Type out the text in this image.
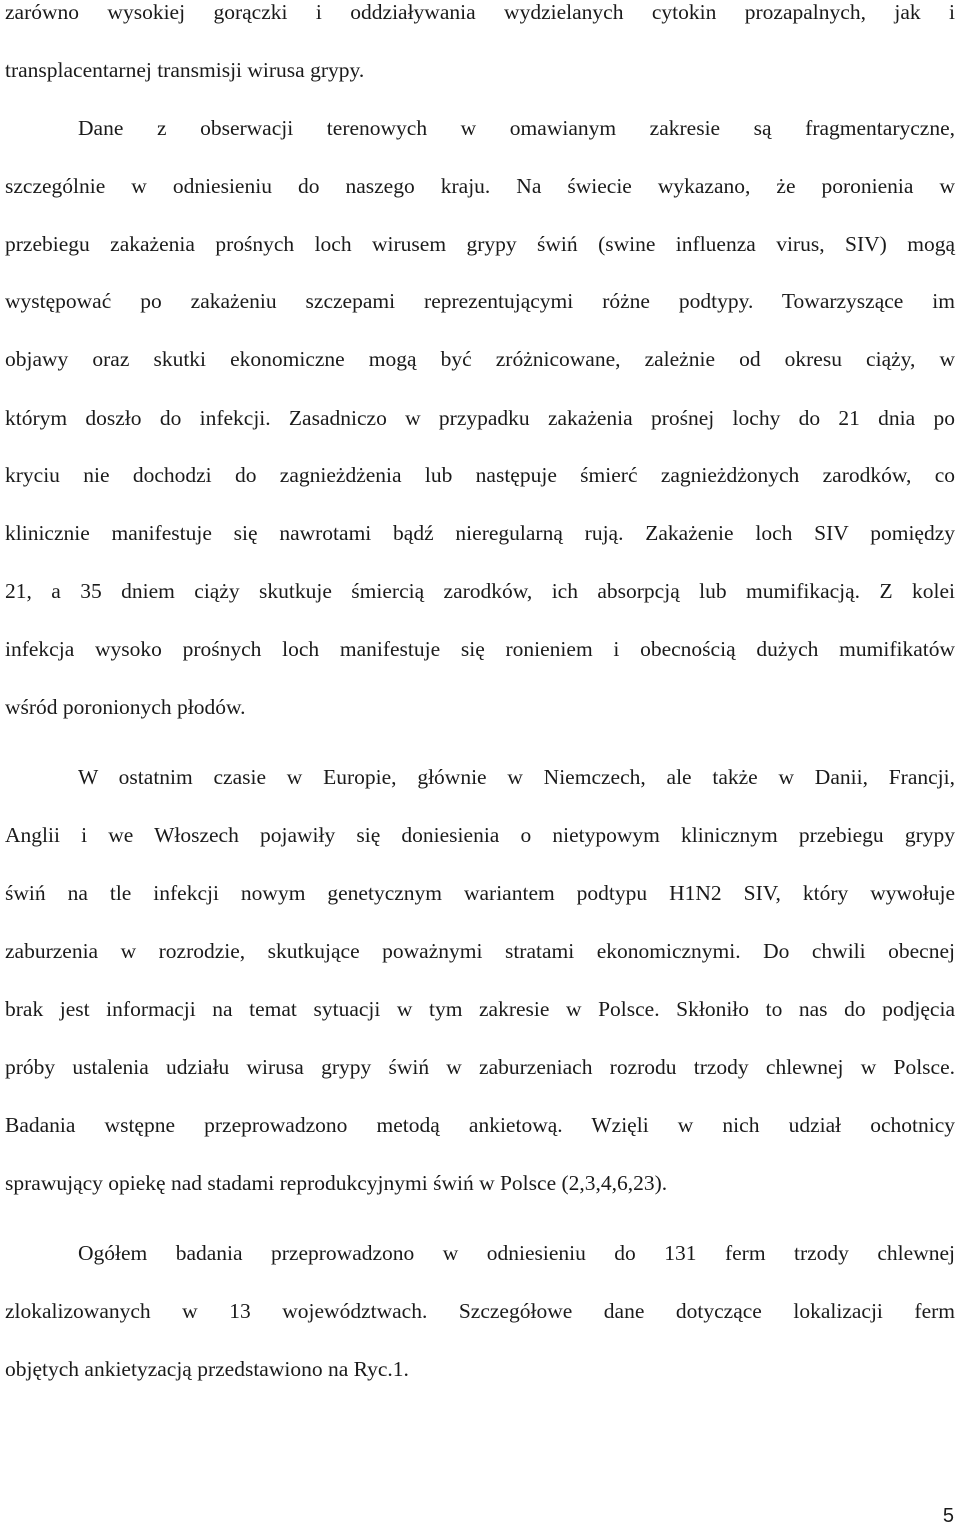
zarówno wysokiej gorączki i oddziaływania wydzielanych cytokin prozapalnych, jak i
transplacentarnej transmisji wirusa grypy.
Dane z obserwacji terenowych w omawianym zakresie są fragmentaryczne,
szczególnie w odniesieniu do naszego kraju. Na świecie wykazano, że poronienia w
przebiegu zakażenia prośnych loch wirusem grypy świń (swine influenza virus, SIV) mogą
występować po zakażeniu szczepami reprezentującymi różne podtypy. Towarzyszące im
objawy oraz skutki ekonomiczne mogą być zróżnicowane, zależnie od okresu ciąży, w
którym doszło do infekcji. Zasadniczo w przypadku zakażenia prośnej lochy do 21 dnia po
kryciu nie dochodzi do zagnieżdżenia lub następuje śmierć zagnieżdżonych zarodków, co
klinicznie manifestuje się nawrotami bądź nieregularną rują. Zakażenie loch SIV pomiędzy
21, a 35 dniem ciąży skutkuje śmiercią zarodków, ich absorpcją lub mumifikacją. Z kolei
infekcja wysoko prośnych loch manifestuje się ronieniem i obecnością dużych mumifikatów
wśród poronionych płodów.
W ostatnim czasie w Europie, głównie w Niemczech, ale także w Danii, Francji,
Anglii i we Włoszech pojawiły się doniesienia o nietypowym klinicznym przebiegu grypy
świń na tle infekcji nowym genetycznym wariantem podtypu H1N2 SIV, który wywołuje
zaburzenia w rozrodzie, skutkujące poważnymi stratami ekonomicznymi. Do chwili obecnej
brak jest informacji na temat sytuacji w tym zakresie w Polsce. Skłoniło to nas do podjęcia
próby ustalenia udziału wirusa grypy świń w zaburzeniach rozrodu trzody chlewnej w Polsce.
Badania wstępne przeprowadzono metodą ankietową. Wzięli w nich udział ochotnicy
sprawujący opiekę nad stadami reprodukcyjnymi świń w Polsce (2,3,4,6,23).
Ogółem badania przeprowadzono w odniesieniu do 131 ferm trzody chlewnej
zlokalizowanych w 13 województwach. Szczegółowe dane dotyczące lokalizacji ferm
objętych ankietyzacją przedstawiono na Ryc.1.
5
